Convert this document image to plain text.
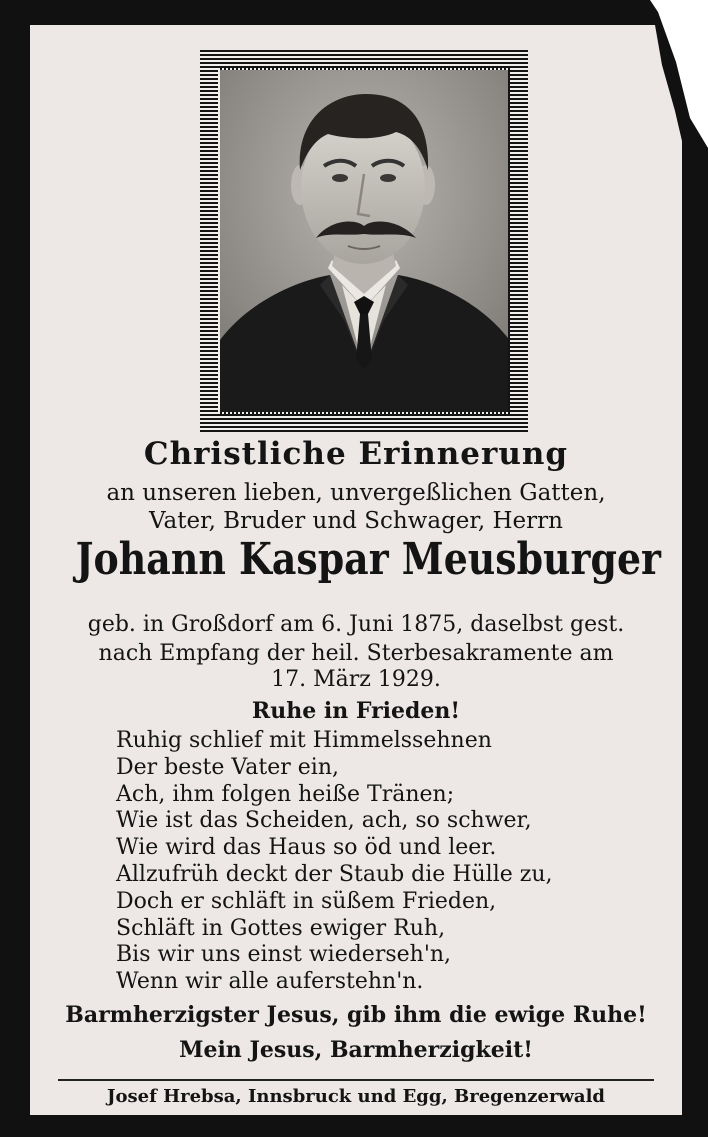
Christliche Erinnerung
an unseren lieben, unvergeßlichen Gatten,
Vater, Bruder und Schwager, Herrn
Johann Kaspar Meusburger
geb. in Großdorf am 6. Juni 1875, daselbst gest.
nach Empfang der heil. Sterbesakramente am
17. März 1929.
Ruhe in Frieden!
Ruhig schlief mit Himmelssehnen
Der beste Vater ein,
Ach, ihm folgen heiße Tränen;
Wie ist das Scheiden, ach, so schwer,
Wie wird das Haus so öd und leer.
Allzufrüh deckt der Staub die Hülle zu,
Doch er schläft in süßem Frieden,
Schläft in Gottes ewiger Ruh,
Bis wir uns einst wiederseh'n,
Wenn wir alle auferstehn'n.
Barmherzigster Jesus, gib ihm die ewige Ruhe!
Mein Jesus, Barmherzigkeit!
Josef Hrebsa, Innsbruck und Egg, Bregenzerwald
